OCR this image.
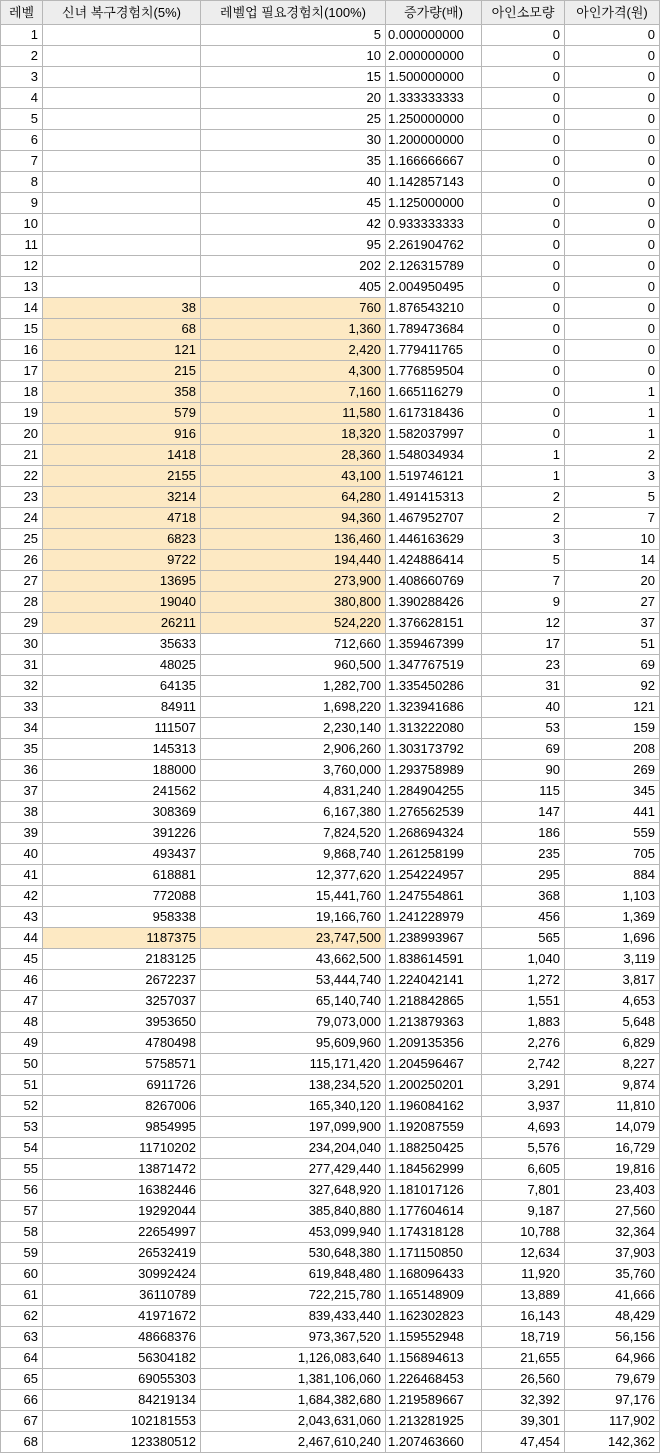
레벨	신녀 복구경험치(5%)	레벨업 필요경험치(100%)	증가량(배)	아인소모량	아인가격(원)
1		5	0.000000000	0	0
2		10	2.000000000	0	0
3		15	1.500000000	0	0
4		20	1.333333333	0	0
5		25	1.250000000	0	0
6		30	1.200000000	0	0
7		35	1.166666667	0	0
8		40	1.142857143	0	0
9		45	1.125000000	0	0
10		42	0.933333333	0	0
11		95	2.261904762	0	0
12		202	2.126315789	0	0
13		405	2.004950495	0	0
14	38	760	1.876543210	0	0
15	68	1,360	1.789473684	0	0
16	121	2,420	1.779411765	0	0
17	215	4,300	1.776859504	0	0
18	358	7,160	1.665116279	0	1
19	579	11,580	1.617318436	0	1
20	916	18,320	1.582037997	0	1
21	1418	28,360	1.548034934	1	2
22	2155	43,100	1.519746121	1	3
23	3214	64,280	1.491415313	2	5
24	4718	94,360	1.467952707	2	7
25	6823	136,460	1.446163629	3	10
26	9722	194,440	1.424886414	5	14
27	13695	273,900	1.408660769	7	20
28	19040	380,800	1.390288426	9	27
29	26211	524,220	1.376628151	12	37
30	35633	712,660	1.359467399	17	51
31	48025	960,500	1.347767519	23	69
32	64135	1,282,700	1.335450286	31	92
33	84911	1,698,220	1.323941686	40	121
34	111507	2,230,140	1.313222080	53	159
35	145313	2,906,260	1.303173792	69	208
36	188000	3,760,000	1.293758989	90	269
37	241562	4,831,240	1.284904255	115	345
38	308369	6,167,380	1.276562539	147	441
39	391226	7,824,520	1.268694324	186	559
40	493437	9,868,740	1.261258199	235	705
41	618881	12,377,620	1.254224957	295	884
42	772088	15,441,760	1.247554861	368	1,103
43	958338	19,166,760	1.241228979	456	1,369
44	1187375	23,747,500	1.238993967	565	1,696
45	2183125	43,662,500	1.838614591	1,040	3,119
46	2672237	53,444,740	1.224042141	1,272	3,817
47	3257037	65,140,740	1.218842865	1,551	4,653
48	3953650	79,073,000	1.213879363	1,883	5,648
49	4780498	95,609,960	1.209135356	2,276	6,829
50	5758571	115,171,420	1.204596467	2,742	8,227
51	6911726	138,234,520	1.200250201	3,291	9,874
52	8267006	165,340,120	1.196084162	3,937	11,810
53	9854995	197,099,900	1.192087559	4,693	14,079
54	11710202	234,204,040	1.188250425	5,576	16,729
55	13871472	277,429,440	1.184562999	6,605	19,816
56	16382446	327,648,920	1.181017126	7,801	23,403
57	19292044	385,840,880	1.177604614	9,187	27,560
58	22654997	453,099,940	1.174318128	10,788	32,364
59	26532419	530,648,380	1.171150850	12,634	37,903
60	30992424	619,848,480	1.168096433	11,920	35,760
61	36110789	722,215,780	1.165148909	13,889	41,666
62	41971672	839,433,440	1.162302823	16,143	48,429
63	48668376	973,367,520	1.159552948	18,719	56,156
64	56304182	1,126,083,640	1.156894613	21,655	64,966
65	69055303	1,381,106,060	1.226468453	26,560	79,679
66	84219134	1,684,382,680	1.219589667	32,392	97,176
67	102181553	2,043,631,060	1.213281925	39,301	117,902
68	123380512	2,467,610,240	1.207463660	47,454	142,362
